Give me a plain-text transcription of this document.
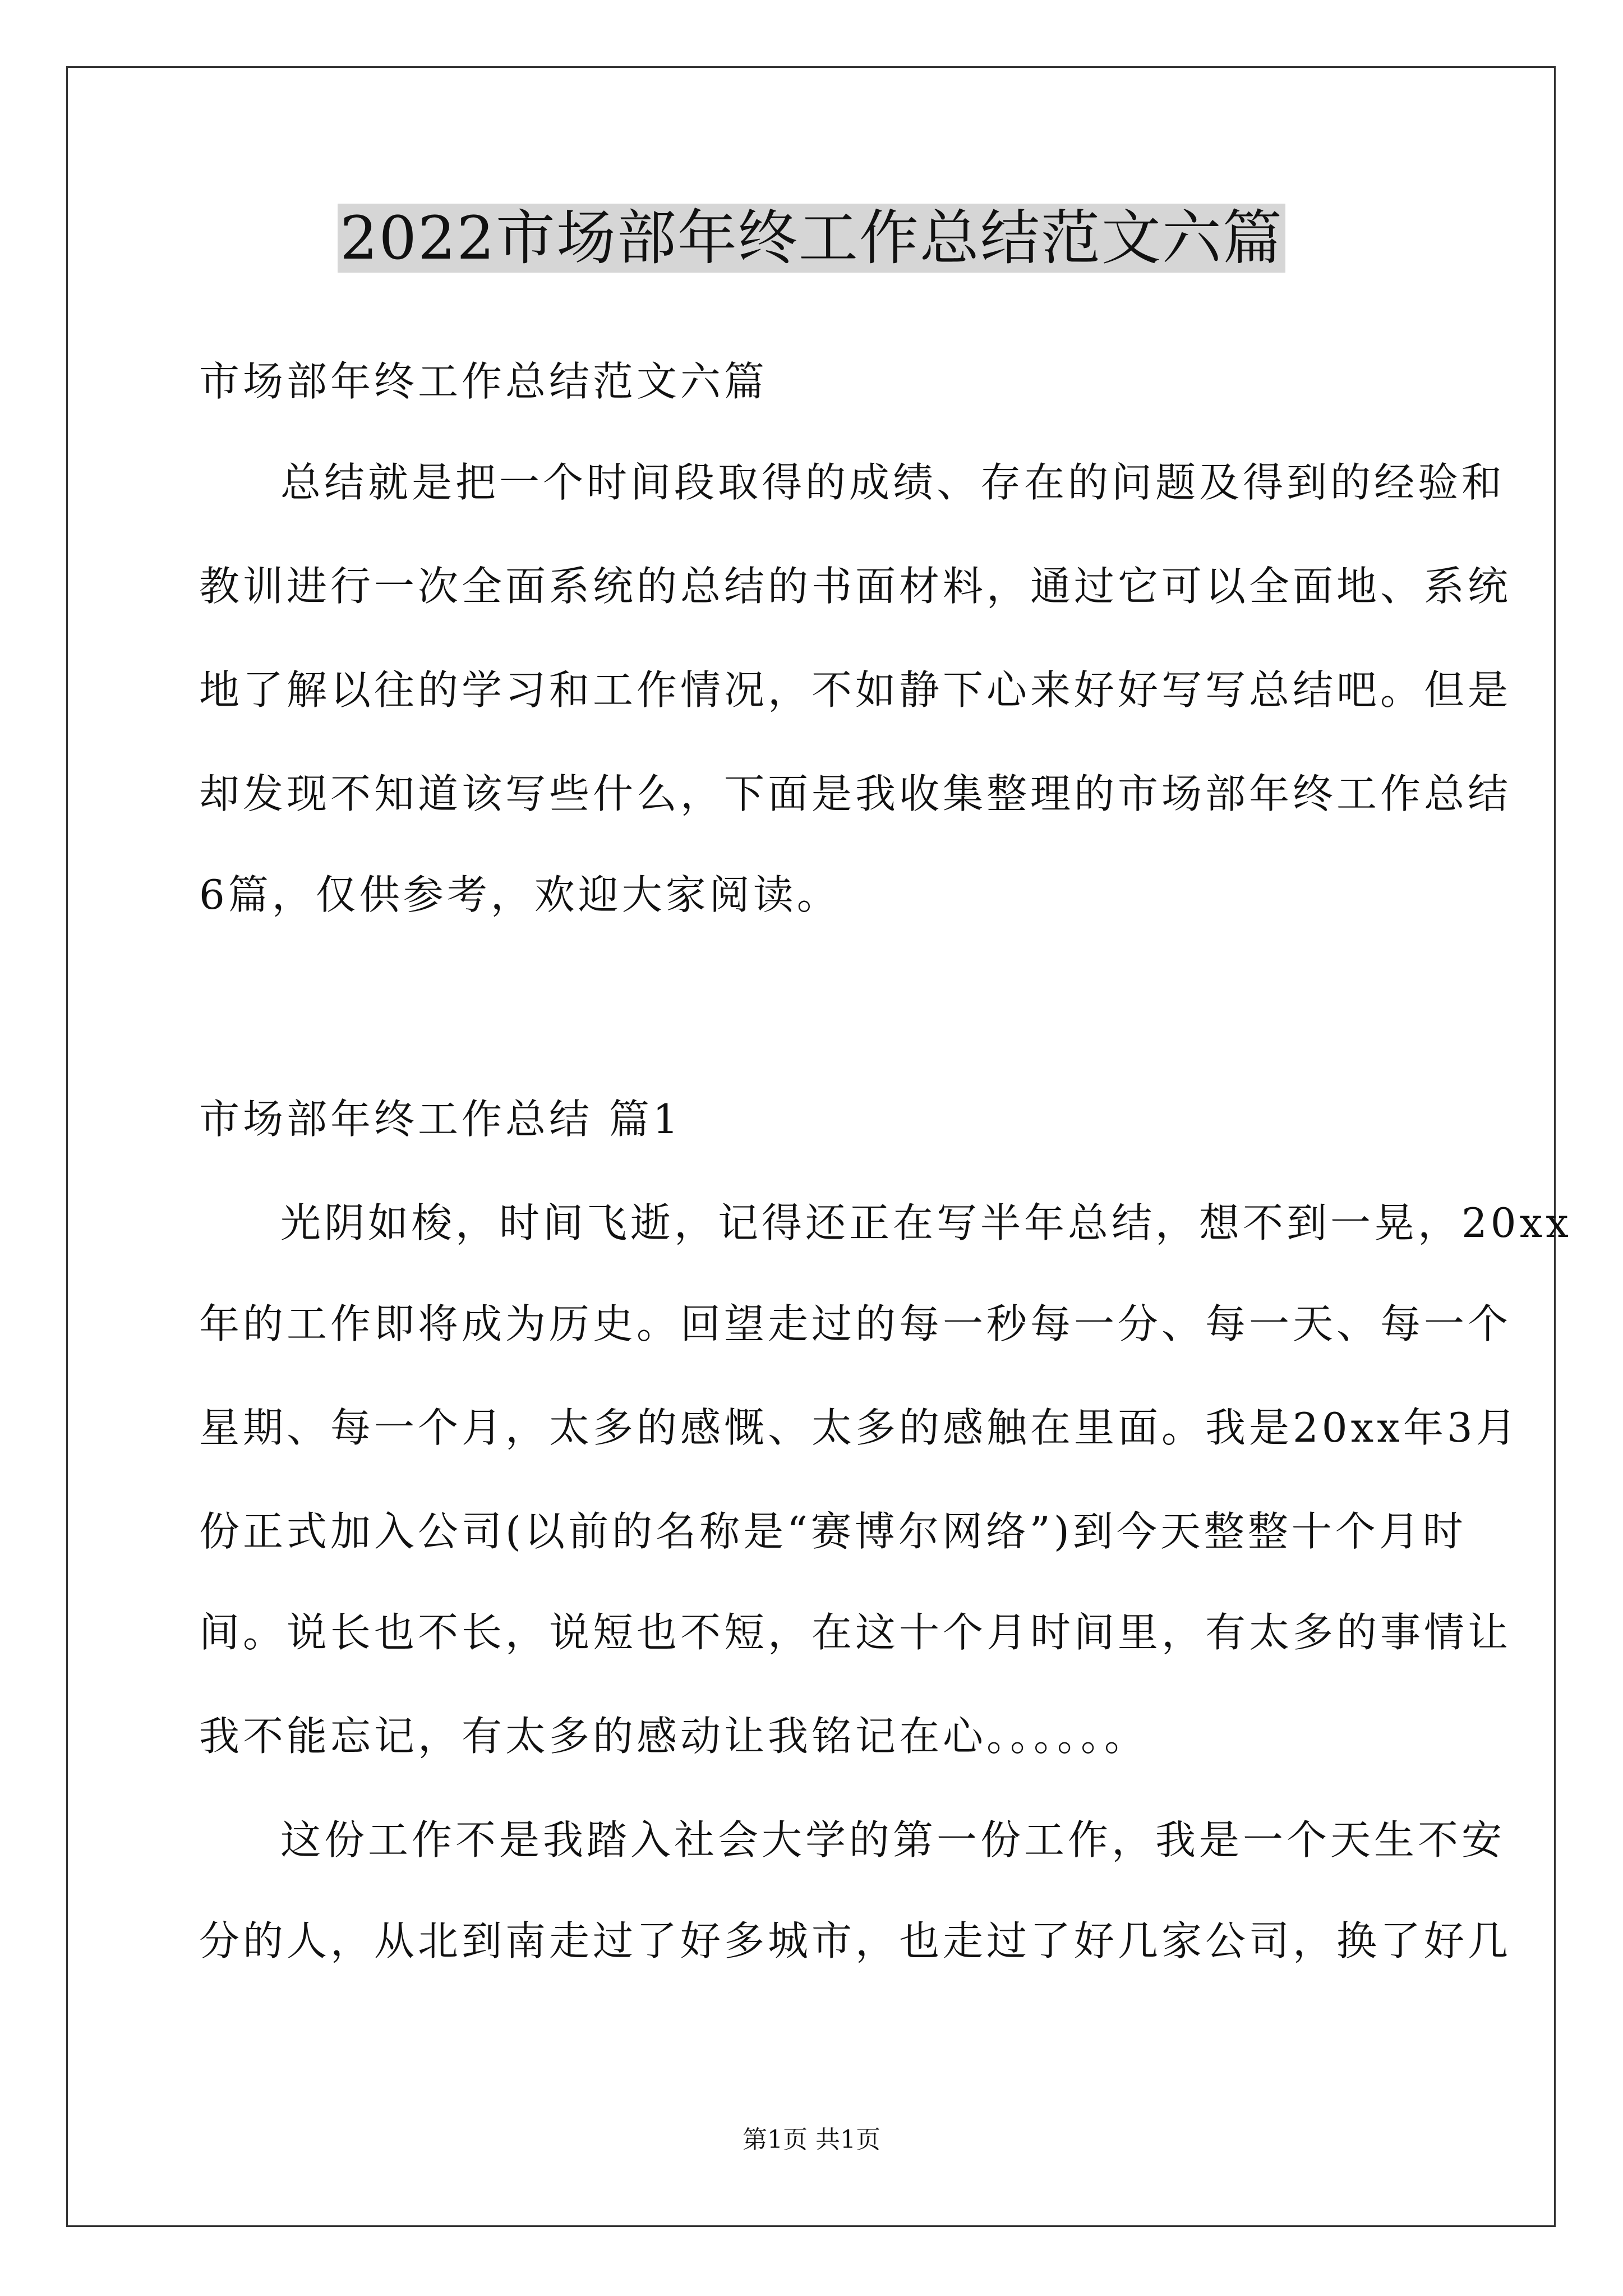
2022市场部年终工作总结范文六篇
市场部年终工作总结范文六篇
总结就是把一个时间段取得的成绩、存在的问题及得到的经验和
教训进行一次全面系统的总结的书面材料，通过它可以全面地、系统
地了解以往的学习和工作情况，不如静下心来好好写写总结吧。但是
却发现不知道该写些什么，下面是我收集整理的市场部年终工作总结
6篇，仅供参考，欢迎大家阅读。
市场部年终工作总结 篇1
光阴如梭，时间飞逝，记得还正在写半年总结，想不到一晃，20xx
年的工作即将成为历史。回望走过的每一秒每一分、每一天、每一个
星期、每一个月，太多的感慨、太多的感触在里面。我是20xx年3月
份正式加入公司(以前的名称是“赛博尔网络”)到今天整整十个月时
间。说长也不长，说短也不短，在这十个月时间里，有太多的事情让
我不能忘记，有太多的感动让我铭记在心。。。。。。
这份工作不是我踏入社会大学的第一份工作，我是一个天生不安
分的人，从北到南走过了好多城市，也走过了好几家公司，换了好几
第1页 共1页
